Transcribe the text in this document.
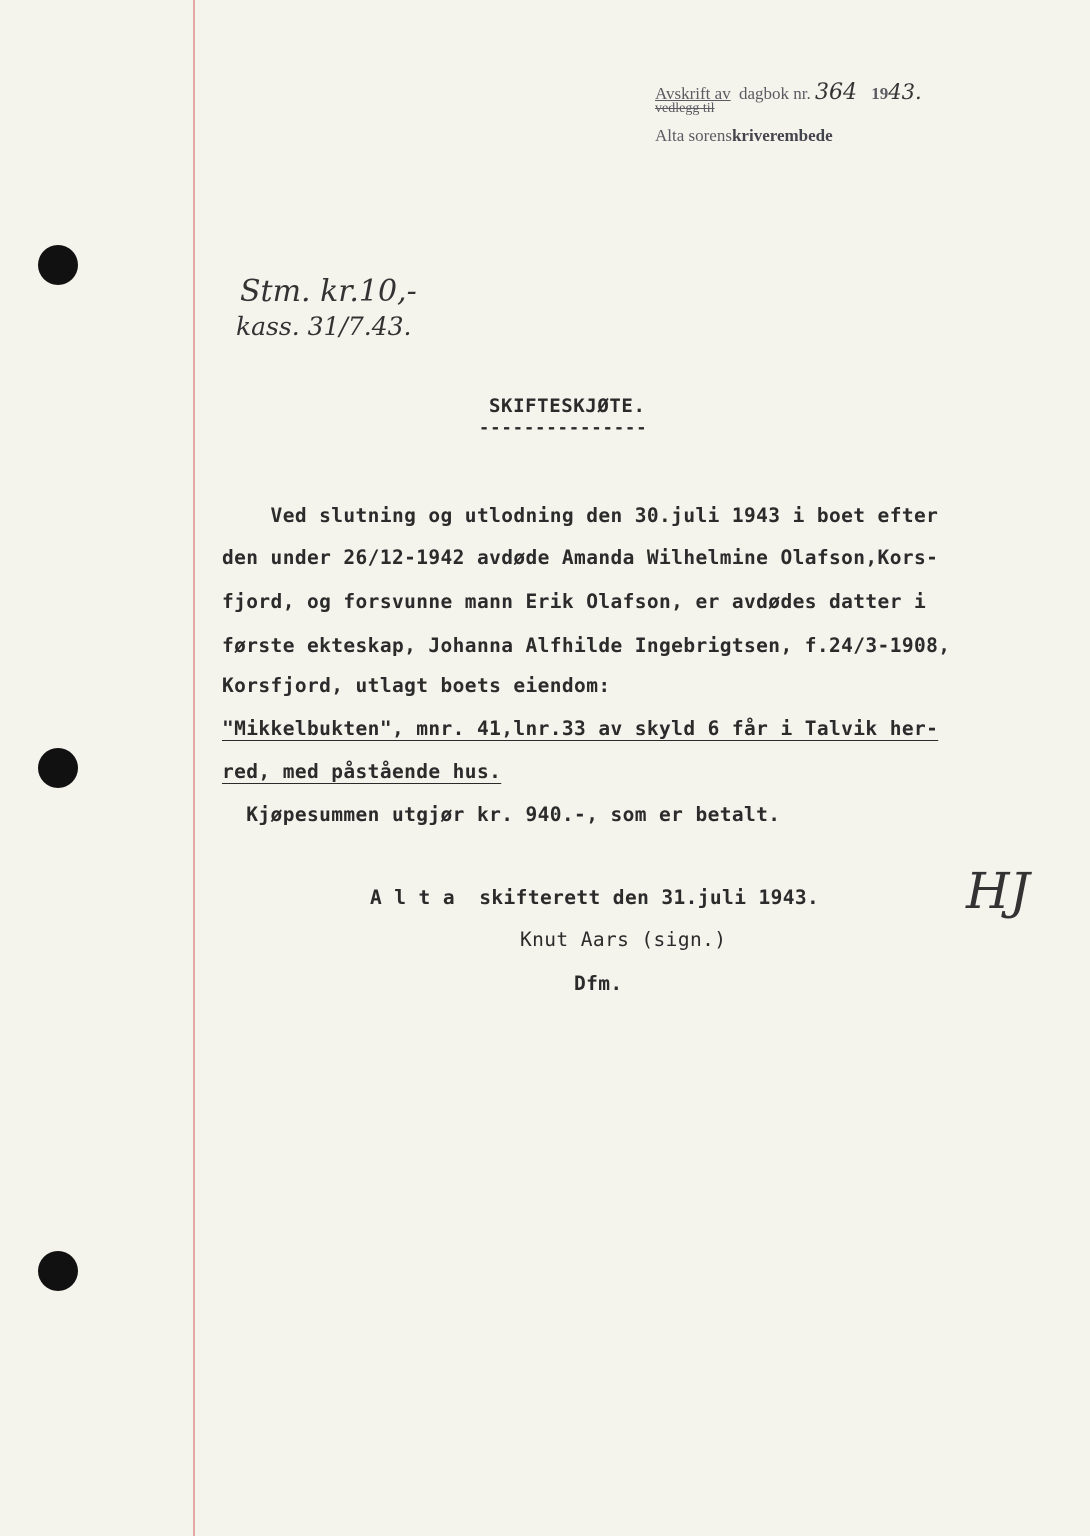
Avskrift av
vedlegg til
dagbok nr. 364 1943.
Alta sorenskriverembede
Stm. kr.10,-
kass. 31/7.43.
SKIFTESKJØTE.
---------------
Ved slutning og utlodning den 30.juli 1943 i boet efter
den under 26/12-1942 avdøde Amanda Wilhelmine Olafson,Kors-
fjord, og forsvunne mann Erik Olafson, er avdødes datter i
første ekteskap, Johanna Alfhilde Ingebrigtsen, f.24/3-1908,
Korsfjord, utlagt boets eiendom:
"Mikkelbukten", mnr. 41,lnr.33 av skyld 6 får i Talvik her-
red, med påstående hus.
Kjøpesummen utgjør kr. 940.-, som er betalt.
A l t a  skifterett den 31.juli 1943.
Knut Aars (sign.)
Dfm.
HJ
